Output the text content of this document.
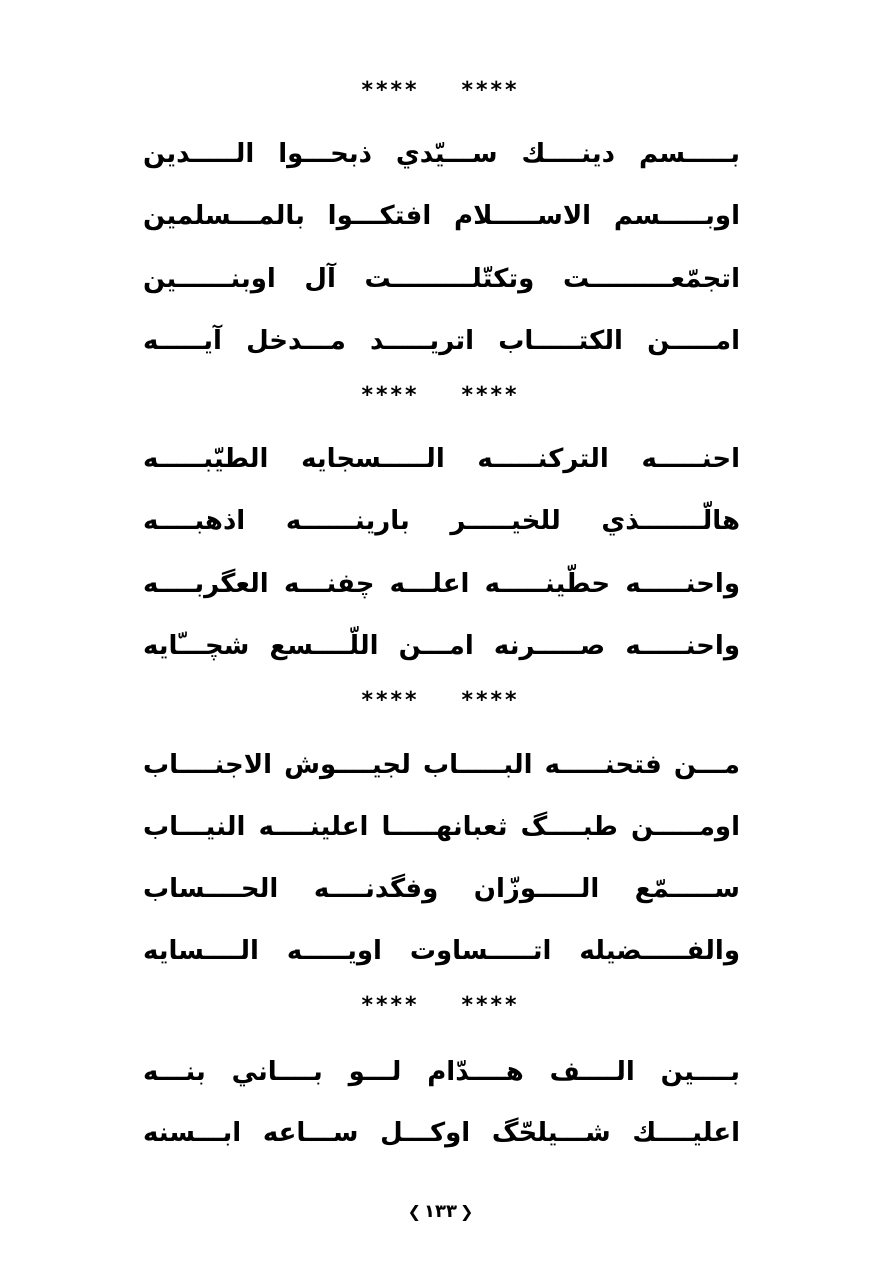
**** ****
بـــــسم دينــــك ســـيّدي ذبحـــوا الـــــدين
اوبـــــسم الاســـــلام افتكـــوا بالمـــسلمين
اتجمّعـــــــــت وتكتّلـــــــــت آل اوبنــــــين
امـــــن الكتـــــاب اتريـــــد مـــدخل آيـــــه
**** ****
احنـــــه التركنـــــه الـــــسجايه الطيّبـــــه
هالّـــــــذي للخيـــــر بارينــــــه اذهبــــه
واحنـــــه حطّينـــــه اعلـــه چفنـــه العگربــــه
واحنـــــه صـــــرنه امـــن اللّــــسع شچـــّايه
**** ****
مـــن فتحنـــــه البـــــاب لجيــــوش الاجنــــاب
اومـــــن طبــــگ ثعبانهـــــا اعلينــــه النيـــاب
ســـــمّع الـــــوزّان وفگدنــــه الحــــساب
والفـــــضيله اتـــــساوت اويـــــه الــــسايه
**** ****
بــــين الــــف هــــدّام لـــو بــــاني بنـــه
اعليــــك شـــيلحّگ اوكـــل ســـاعه ابـــسنه
❮ ١٣٣ ❯
